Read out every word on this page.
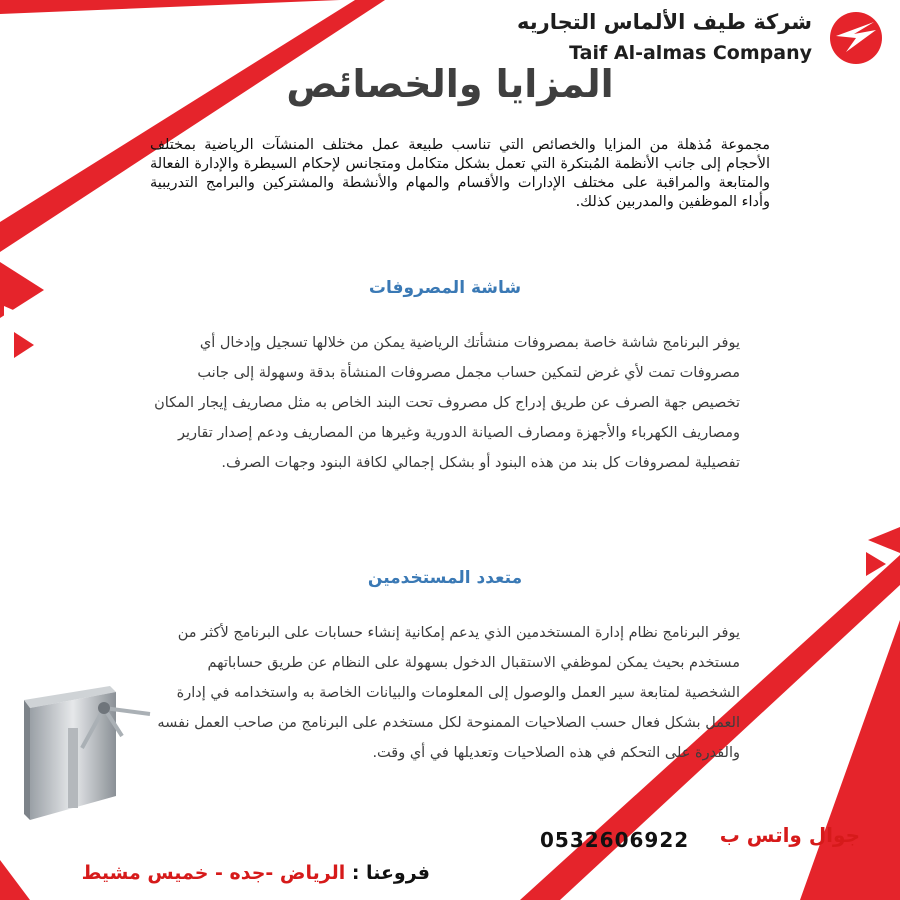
شركة طيف الألماس التجاريه
Taif Al-almas Company
المزايا والخصائص
مجموعة مُذهلة من المزايا والخصائص التي تناسب طبيعة عمل مختلف المنشآت الرياضية بمختلف الأحجام إلى جانب الأنظمة المُبتكرة التي تعمل بشكل متكامل ومتجانس لإحكام السيطرة والإدارة الفعالة والمتابعة والمراقبة على مختلف الإدارات والأقسام والمهام والأنشطة والمشتركين والبرامج التدريبية وأداء الموظفين والمدربين كذلك.
شاشة المصروفات
يوفر البرنامج شاشة خاصة بمصروفات منشأتك الرياضية يمكن من خلالها تسجيل وإدخال أي مصروفات تمت لأي غرض لتمكين حساب مجمل مصروفات المنشأة بدقة وسهولة إلى جانب تخصيص جهة الصرف عن طريق إدراج كل مصروف تحت البند الخاص به مثل مصاريف إيجار المكان ومصاريف الكهرباء والأجهزة ومصارف الصيانة الدورية وغيرها من المصاريف ودعم إصدار تقارير تفصيلية لمصروفات كل بند من هذه البنود أو بشكل إجمالي لكافة البنود وجهات الصرف.
متعدد المستخدمين
يوفر البرنامج نظام إدارة المستخدمين الذي يدعم إمكانية إنشاء حسابات على البرنامج لأكثر من مستخدم بحيث يمكن لموظفي الاستقبال الدخول بسهولة على النظام عن طريق حساباتهم الشخصية لمتابعة سير العمل والوصول إلى المعلومات والبيانات الخاصة به واستخدامه في إدارة العمل بشكل فعال حسب الصلاحيات الممنوحة لكل مستخدم على البرنامج من صاحب العمل نفسه والقدرة على التحكم في هذه الصلاحيات وتعديلها في أي وقت.
جوال واتس ب
0532606922
فروعنا : الرياض -جده - خميس مشيط
